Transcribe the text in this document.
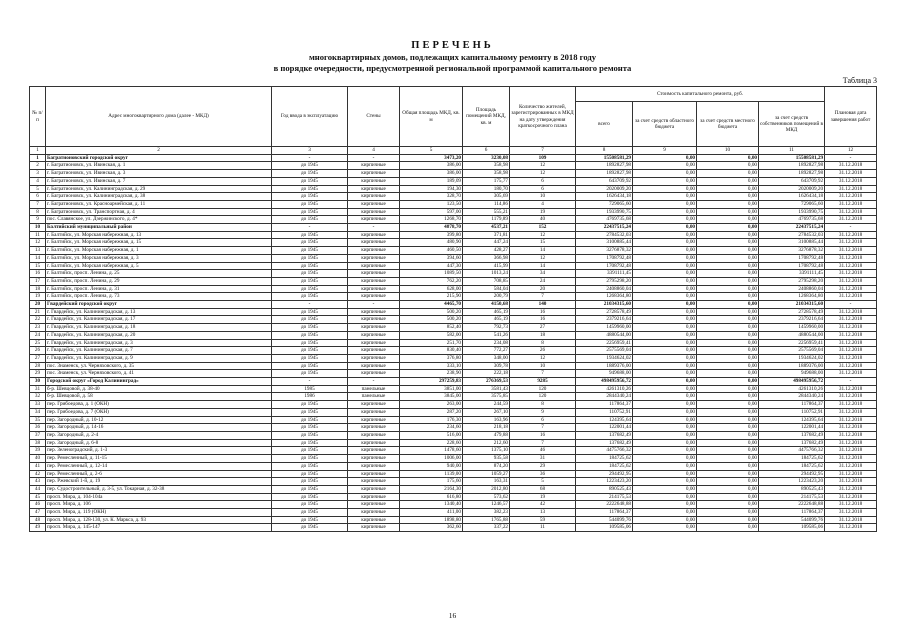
ПЕРЕЧЕНЬ
многоквартирных домов, подлежащих капитальному ремонту в 2018 году
в порядке очередности, предусмотренной региональной программой капитального ремонта
Таблица 3
№ п/п	Адрес многоквартирного дома (далее - МКД)	Год ввода в эксплуатацию	Стены	Общая площадь МКД, кв. м	Площадь помещений МКД, кв. м	Количество жителей, зарегистрированных в МКД на дату утверждения краткосрочного плана	Стоимость капитального ремонта, руб.				Плановая дата завершения работ
							всего	за счет средств областного бюджета	за счет средств местного бюджета	за счет средств собственников помещений в МКД	
1	2	3	4	5	6	7	8	9	10	11	12
1	Багратионовский городской округ	-	-	3473,20	3230,08	109	15508581,29	0,00	0,00	15508581,29	-
2	г. Багратионовск, ул. Ивинская, д. 1	до 1945	кирпичные	386,00	358,98	12	1892827,98	0,00	0,00	1892827,98	31.12.2018
3	г. Багратионовск, ул. Ивинская, д. 3	до 1945	кирпичные	386,00	358,98	12	1892827,98	0,00	0,00	1892827,98	31.12.2018
4	г. Багратионовск, ул. Ивинская, д. 7	до 1945	кирпичные	189,09	175,77	6	643709,92	0,00	0,00	643709,92	31.12.2018
5	г. Багратионовск, ул. Калининградская, д. 29	до 1945	кирпичные	194,30	180,70	6	2020009,20	0,00	0,00	2020009,20	31.12.2018
6	г. Багратионовск, ул. Калининградская, д. 38	до 1945	кирпичные	328,70	305,69	10	1626434,18	0,00	0,00	1626434,18	31.12.2018
7	г. Багратионовск, ул. Красноармейская, д. 11	до 1945	кирпичные	123,50	114,86	4	729065,60	0,00	0,00	729065,60	31.12.2018
8	г. Багратионовск, ул. Транспортная, д. 4	до 1945	кирпичные	597,00	555,21	19	1933990,75	0,00	0,00	1933990,75	31.12.2018
9	пос. Славянское, ул. Дзержинского, д. 4*	до 1945	кирпичные	1268,70	1179,89	40	4769735,68	0,00	0,00	4769735,68	31.12.2018
10	Балтийский муниципальный район	-	-	4878,70	4537,21	152	22437515,24	0,00	0,00	22437515,24	-
11	г. Балтийск, ул. Морская набережная, д. 13	до 1945	кирпичные	399,80	371,81	12	2784532,03	0,00	0,00	2784532,03	31.12.2018
12	г. Балтийск, ул. Морская набережная, д. 15	до 1945	кирпичные	480,90	447,24	15	3100885,44	0,00	0,00	3100885,44	31.12.2018
13	г. Балтийск, ул. Морская набережная, д. 1	до 1945	кирпичные	460,50	428,27	14	3276878,32	0,00	0,00	3276878,32	31.12.2018
14	г. Балтийск, ул. Морская набережная, д. 3	до 1945	кирпичные	394,60	366,98	12	1708792,48	0,00	0,00	1708792,48	31.12.2018
15	г. Балтийск, ул. Морская набережная, д. 5	до 1945	кирпичные	447,30	415,99	14	1708792,48	0,00	0,00	1708792,48	31.12.2018
16	г. Балтийск, просп. Ленина, д. 25	до 1945	кирпичные	1089,50	1013,24	34	3391111,45	0,00	0,00	3391111,45	31.12.2018
17	г. Балтийск, просп. Ленина, д. 29	до 1945	кирпичные	762,20	708,85	24	2795298,20	0,00	0,00	2795298,20	31.12.2018
18	г. Балтийск, просп. Ленина, д. 31	до 1945	кирпичные	628,00	584,04	20	2408860,04	0,00	0,00	2408860,04	31.12.2018
19	г. Балтийск, просп. Ленина, д. 73	до 1945	кирпичные	215,90	200,79	7	1268364,80	0,00	0,00	1268364,80	31.12.2018
20	Гвардейский городской округ	-	-	4465,70	4150,68	140	21034315,60	0,00	0,00	21034315,60	-
21	г. Гвардейск, ул. Калининградская, д. 13	до 1945	кирпичные	500,20	465,19	16	2728578,49	0,00	0,00	2728578,49	31.12.2018
22	г. Гвардейск, ул. Калининградская, д. 17	до 1945	кирпичные	500,20	465,19	16	2379216,64	0,00	0,00	2379216,64	31.12.2018
23	г. Гвардейск, ул. Калининградская, д. 18	до 1945	кирпичные	852,40	792,73	27	1459960,00	0,00	0,00	1459960,00	31.12.2018
24	г. Гвардейск, ул. Калининградская, д. 20	до 1945	кирпичные	582,00	541,26	18	4880544,00	0,00	0,00	4880544,00	31.12.2018
25	г. Гвардейск, ул. Калининградская, д. 3	до 1945	кирпичные	251,70	234,08	8	2256959,41	0,00	0,00	2256959,41	31.12.2018
26	г. Гвардейск, ул. Калининградская, д. 7	до 1945	кирпичные	830,40	772,27	26	2575569,04	0,00	0,00	2575569,04	31.12.2018
27	г. Гвардейск, ул. Калининградская, д. 9	до 1945	кирпичные	376,80	348,00	12	1934624,02	0,00	0,00	1934624,02	31.12.2018
28	пос. Знаменск, ул. Черняховского, д. 35	до 1945	кирпичные	333,10	309,78	10	1889376,00	0,00	0,00	1889376,00	31.12.2018
29	пос. Знаменск, ул. Черняховского, д. 41	до 1945	кирпичные	238,90	222,18	7	949688,00	0,00	0,00	949688,00	31.12.2018
30	Городской округ «Город Калининград»	-	-	297259,83	276369,53	9285	498495956,72	0,00	0,00	498495956,72	-
31	б-р. Шевцовой, д. 38-40	1985	панельные	3851,00	3581,43	120	4261310,26	0,00	0,00	4261310,26	31.12.2018
32	б-р. Шевцовой, д. 58	1986	панельные	3845,00	3575,85	120	2844340,24	0,00	0,00	2844340,24	31.12.2018
33	пер. Грибоедова, д. 1 (ОКН)	до 1945	кирпичные	263,00	244,59	8	117864,37	0,00	0,00	117864,37	31.12.2018
34	пер. Грибоедова, д. 7 (ОКН)	до 1945	кирпичные	287,20	267,10	9	110752,91	0,00	0,00	110752,91	31.12.2018
35	пер. Загородный, д. 10-12	до 1945	кирпичные	176,30	163,96	6	124395,64	0,00	0,00	124395,64	31.12.2018
36	пер. Загородный, д. 14-16	до 1945	кирпичные	234,60	218,18	7	122001,44	0,00	0,00	122001,44	31.12.2018
37	пер. Загородный, д. 2-4	до 1945	кирпичные	516,00	479,88	16	137682,49	0,00	0,00	137682,49	31.12.2018
38	пер. Загородный, д. 6-8	до 1945	кирпичные	228,60	212,60	7	137682,49	0,00	0,00	137682,49	31.12.2018
39	пер. Зеленоградский, д. 1-3	до 1945	кирпичные	1478,60	1375,10	46	4475766,32	0,00	0,00	4475766,32	31.12.2018
40	пер. Ремесленный, д. 11-15	до 1945	кирпичные	1006,00	935,58	31	184725,62	0,00	0,00	184725,62	31.12.2018
41	пер. Ремесленный, д. 12-14	до 1945	кирпичные	940,00	874,20	29	184725,62	0,00	0,00	184725,62	31.12.2018
42	пер. Ремесленный, д. 2-6	до 1945	кирпичные	1139,00	1059,27	36	294492,95	0,00	0,00	294492,95	31.12.2018
43	пер. Ржевский 1-й, д. 19	до 1945	кирпичные	175,60	163,31	5	1223423,20	0,00	0,00	1223423,20	31.12.2018
44	пер. Судостроительный, д. 3-5, ул. Токарная, д. 32-38	до 1945	кирпичные	2164,30	2012,80	68	890525,43	0,00	0,00	890525,43	31.12.2018
45	просп. Мира, д. 104-104а	до 1945	кирпичные	616,80	573,62	19	214175,53	0,00	0,00	214175,53	31.12.2018
46	просп. Мира, д. 106	до 1945	кирпичные	1340,40	1246,57	42	2222648,88	0,00	0,00	2222648,88	31.12.2018
47	просп. Мира, д. 119 (ОКН)	до 1945	кирпичные	411,00	382,23	13	117864,37	0,00	0,00	117864,37	31.12.2018
48	просп. Мира, д. 128-130, ул. К. Маркса, д. 93	до 1945	кирпичные	1898,80	1765,88	59	544099,76	0,00	0,00	544099,76	31.12.2018
49	просп. Мира, д. 145-147	до 1945	кирпичные	362,60	337,22	11	109585,06	0,00	0,00	109585,06	31.12.2018
16
